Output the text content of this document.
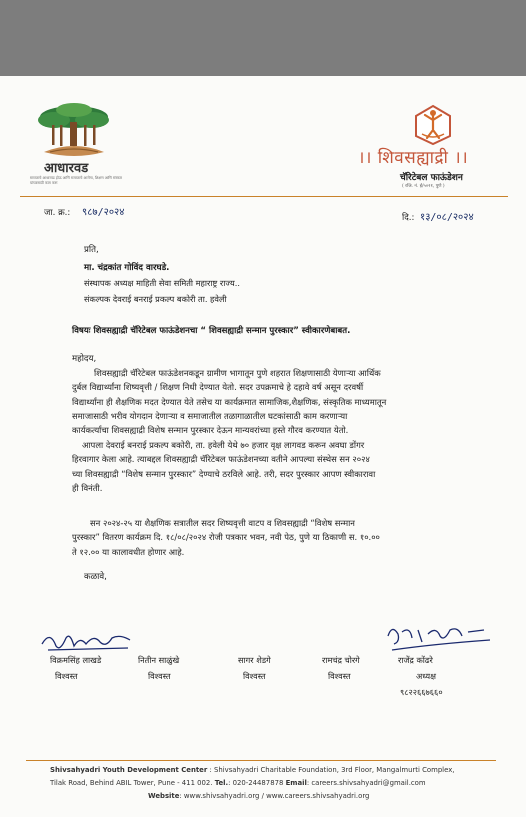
आधारवड
समाजाचे आधारवड होऊ आणि समाजाचे आरोग्य, शिक्षण आणि संस्कार यांच्यासाठी काम करू
।। शिवसह्याद्री ।।
चॅरिटेबल फाऊंडेशन
( रजि. नं. ई/५०२१, पुणे )
जा. क्र.: ९८७/२०२४	दि.: १३/०८/२०२४
प्रति,
मा. चंद्रकांत गोविंद वारघडे.
संस्थापक अध्यक्ष माहिती सेवा समिती महाराष्ट्र राज्य..
संकल्पक देवराई बनराई प्रकल्प बकोरी ता. हवेली
विषयः शिवसह्याद्री चॅरिटेबल फाऊंडेशनचा “ शिवसह्याद्री सन्मान पुरस्कार” स्वीकारणेबाबत.
महोदय,
शिवसह्याद्री चॅरिटेबल फाऊंडेशनकडून ग्रामीण भागातून पुणे शहरात शिक्षणासाठी येणाऱ्या आर्थिक
दुर्बल विद्यार्थ्यांना शिष्यवृत्ती / शिक्षण निधी देण्यात येतो. सदर उपक्रमाचे हे दहावे वर्ष असून दरवर्षी
विद्यार्थ्यांना ही शैक्षणिक मदत देण्यात येते तसेच या कार्यक्रमात सामाजिक,शैक्षणिक, संस्कृतिक माध्यमातून
समाजासाठी भरीव योगदान देणाऱ्या व समाजातील तळागाळातील घटकांसाठी काम करणाऱ्या
कार्यकर्त्यांचा शिवसह्याद्री विशेष सन्मान पुरस्कार देऊन मान्यवरांच्या हस्ते गौरव करण्यात येतो.
आपला देवराई बनराई प्रकल्प बकोरी, ता. हवेली येथे ७० हजार वृक्ष लागवड करून अवघा डोंगर
हिरवागार केला आहे. त्याबद्दल शिवसह्याद्री चॅरिटेबल फाऊंडेशनच्या वतीने आपल्या संस्थेस सन २०२४
च्या शिवसह्याद्री “विशेष सन्मान पुरस्कार” देण्याचे ठरविले आहे. तरी, सदर पुरस्कार आपण स्वीकारावा
ही विनंती.
सन २०२४-२५ या शैक्षणिक सत्रातील सदर शिष्यवृत्ती वाटप व शिवसह्याद्री “विशेष सन्मान
पुरस्कार” वितरण कार्यक्रम दि. १८/०८/२०२४ रोजी पत्रकार भवन, नवी पेठ, पुणे या ठिकाणी स. १०.००
ते १२.०० या कालावधीत होणार आहे.
कळावे,
विक्रमसिंह लाखडे
विश्वस्त
नितीन साळुंखे
विश्वस्त
सागर शेडगे
विश्वस्त
रामचंद्र चोरगे
विश्वस्त
राजेंद्र कोंढरे
अध्यक्ष
९८२२६६७६६०
Shivsahyadri Youth Development Center : Shivsahyadri Charitable Foundation, 3rd Floor, Mangalmurti Complex,
Tilak Road, Behind ABIL Tower, Pune - 411 002. Tel.: 020-24487878 Email: careers.shivsahyadri@gmail.com
Website: www.shivsahyadri.org / www.careers.shivsahyadri.org
